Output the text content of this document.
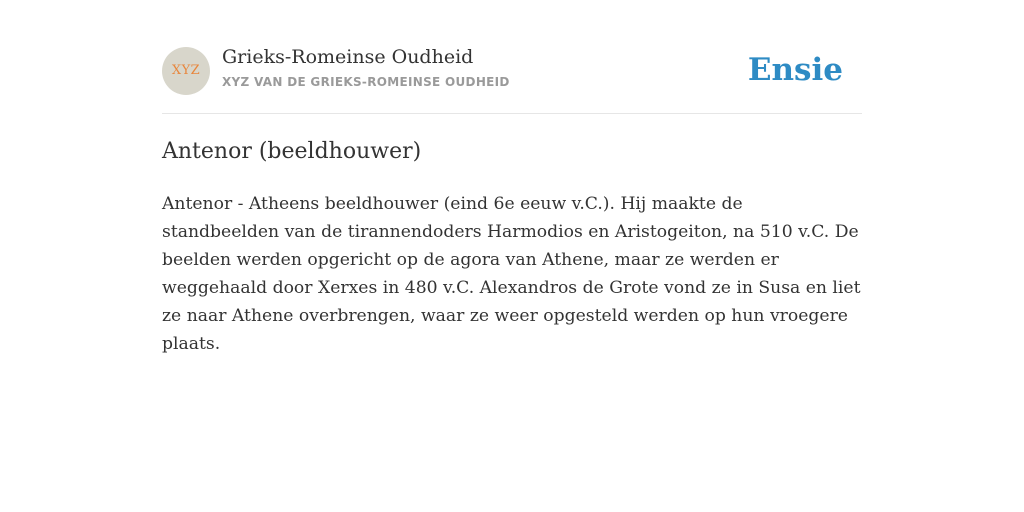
XYZ
Grieks-Romeinse Oudheid
XYZ VAN DE GRIEKS-ROMEINSE OUDHEID	Ensie
Antenor (beeldhouwer)

Antenor - Atheens beeldhouwer (eind 6e eeuw v.C.). Hij maakte de standbeelden van de tirannendoders Harmodios en Aristogeiton, na 510 v.C. De beelden werden opgericht op de agora van Athene, maar ze werden er weggehaald door Xerxes in 480 v.C. Alexandros de Grote vond ze in Susa en liet ze naar Athene overbrengen, waar ze weer opgesteld werden op hun vroegere plaats.
